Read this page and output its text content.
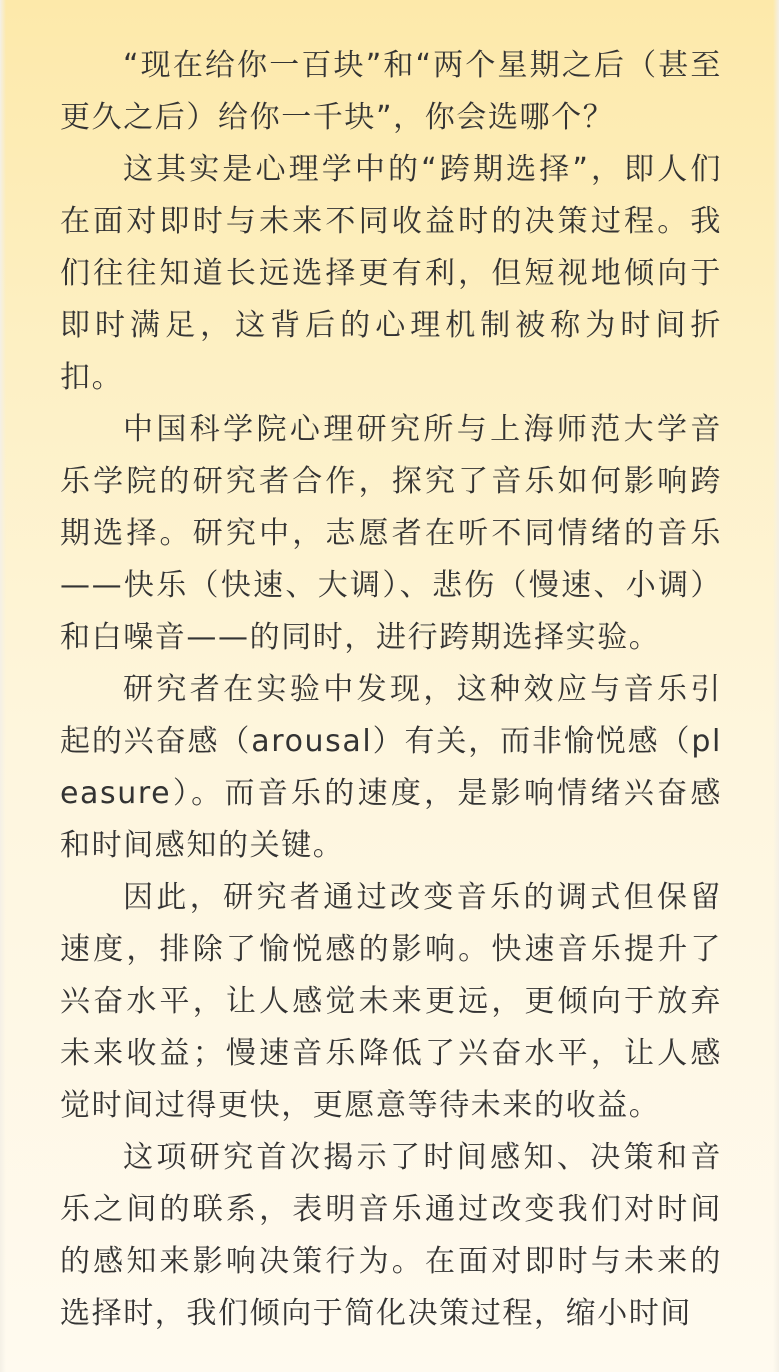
“现在给你一百块”和“两个星期之后（甚至更久之后）给你一千块”，你会选哪个？

这其实是心理学中的“跨期选择”，即人们在面对即时与未来不同收益时的决策过程。我们往往知道长远选择更有利，但短视地倾向于即时满足，这背后的心理机制被称为时间折扣。

中国科学院心理研究所与上海师范大学音乐学院的研究者合作，探究了音乐如何影响跨期选择。研究中，志愿者在听不同情绪的音乐——快乐（快速、大调）、悲伤（慢速、小调）和白噪音——的同时，进行跨期选择实验。

研究者在实验中发现，这种效应与音乐引起的兴奋感（arousal）有关，而非愉悦感（pleasure）。而音乐的速度，是影响情绪兴奋感和时间感知的关键。

因此，研究者通过改变音乐的调式但保留速度，排除了愉悦感的影响。快速音乐提升了兴奋水平，让人感觉未来更远，更倾向于放弃未来收益；慢速音乐降低了兴奋水平，让人感觉时间过得更快，更愿意等待未来的收益。

这项研究首次揭示了时间感知、决策和音乐之间的联系，表明音乐通过改变我们对时间的感知来影响决策行为。在面对即时与未来的选择时，我们倾向于简化决策过程，缩小时间
